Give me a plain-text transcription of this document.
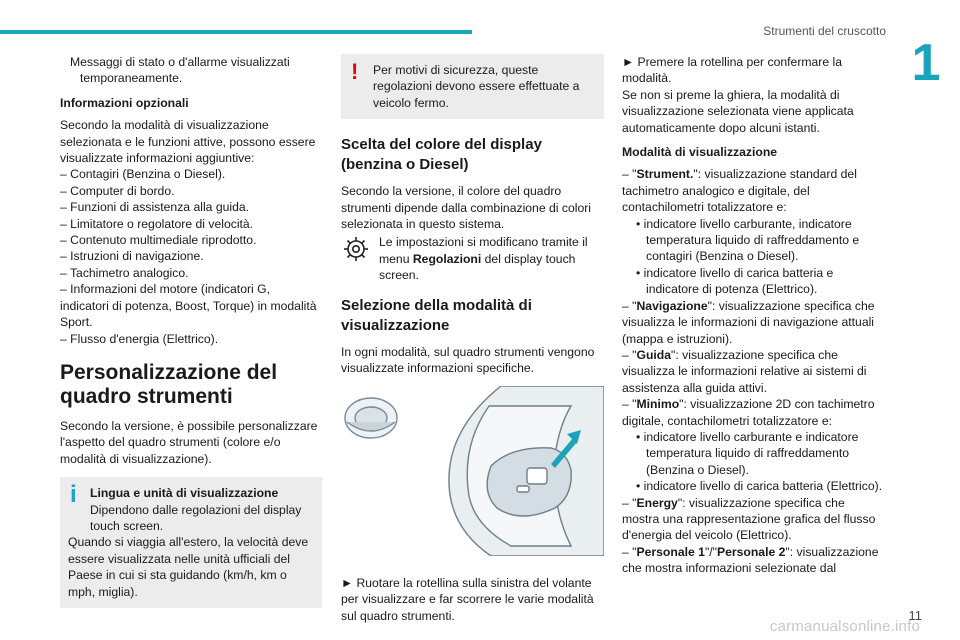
Strumenti del cruscotto
1

Messaggi di stato o d'allarme visualizzati temporaneamente.

Informazioni opzionali

Secondo la modalità di visualizzazione selezionata e le funzioni attive, possono essere visualizzate informazioni aggiuntive:

– Contagiri (Benzina o Diesel).

– Computer di bordo.

– Funzioni di assistenza alla guida.

– Limitatore o regolatore di velocità.

– Contenuto multimediale riprodotto.

– Istruzioni di navigazione.

– Tachimetro analogico.

– Informazioni del motore (indicatori G, indicatori di potenza, Boost, Torque) in modalità Sport.

– Flusso d'energia (Elettrico).

Personalizzazione del quadro strumenti

Secondo la versione, è possibile personalizzare l'aspetto del quadro strumenti (colore e/o modalità di visualizzazione).

i	Lingua e unità di visualizzazione
Dipendono dalle regolazioni del display touch screen.
Quando si viaggia all'estero, la velocità deve essere visualizzata nelle unità ufficiali del Paese in cui si sta guidando (km/h, km o mph, miglia).
!	Per motivi di sicurezza, queste regolazioni devono essere effettuate a veicolo fermo.
Scelta del colore del display (benzina o Diesel)

Secondo la versione, il colore del quadro strumenti dipende dalla combinazione di colori selezionata in questo sistema.

Le impostazioni si modificano tramite il menu Regolazioni del display touch screen.
Selezione della modalità di visualizzazione

In ogni modalità, sul quadro strumenti vengono visualizzate informazioni specifiche.

► Ruotare la rotellina sulla sinistra del volante per visualizzare e far scorrere le varie modalità sul quadro strumenti.

► Premere la rotellina per confermare la modalità.

Se non si preme la ghiera, la modalità di visualizzazione selezionata viene applicata automaticamente dopo alcuni istanti.

Modalità di visualizzazione

– "Strument.": visualizzazione standard del tachimetro analogico e digitale, del contachilometri totalizzatore e:

• indicatore livello carburante, indicatore temperatura liquido di raffreddamento e contagiri (Benzina o Diesel).

• indicatore livello di carica batteria e indicatore di potenza (Elettrico).

– "Navigazione": visualizzazione specifica che visualizza le informazioni di navigazione attuali (mappa e istruzioni).

– "Guida": visualizzazione specifica che visualizza le informazioni relative ai sistemi di assistenza alla guida attivi.

– "Minimo": visualizzazione 2D con tachimetro digitale, contachilometri totalizzatore e:

• indicatore livello carburante e indicatore temperatura liquido di raffreddamento (Benzina o Diesel).

• indicatore livello di carica batteria (Elettrico).

– "Energy": visualizzazione specifica che mostra una rappresentazione grafica del flusso d'energia del veicolo (Elettrico).

– "Personale 1"/"Personale 2": visualizzazione che mostra informazioni selezionate dal

11
carmanualsonline.info
